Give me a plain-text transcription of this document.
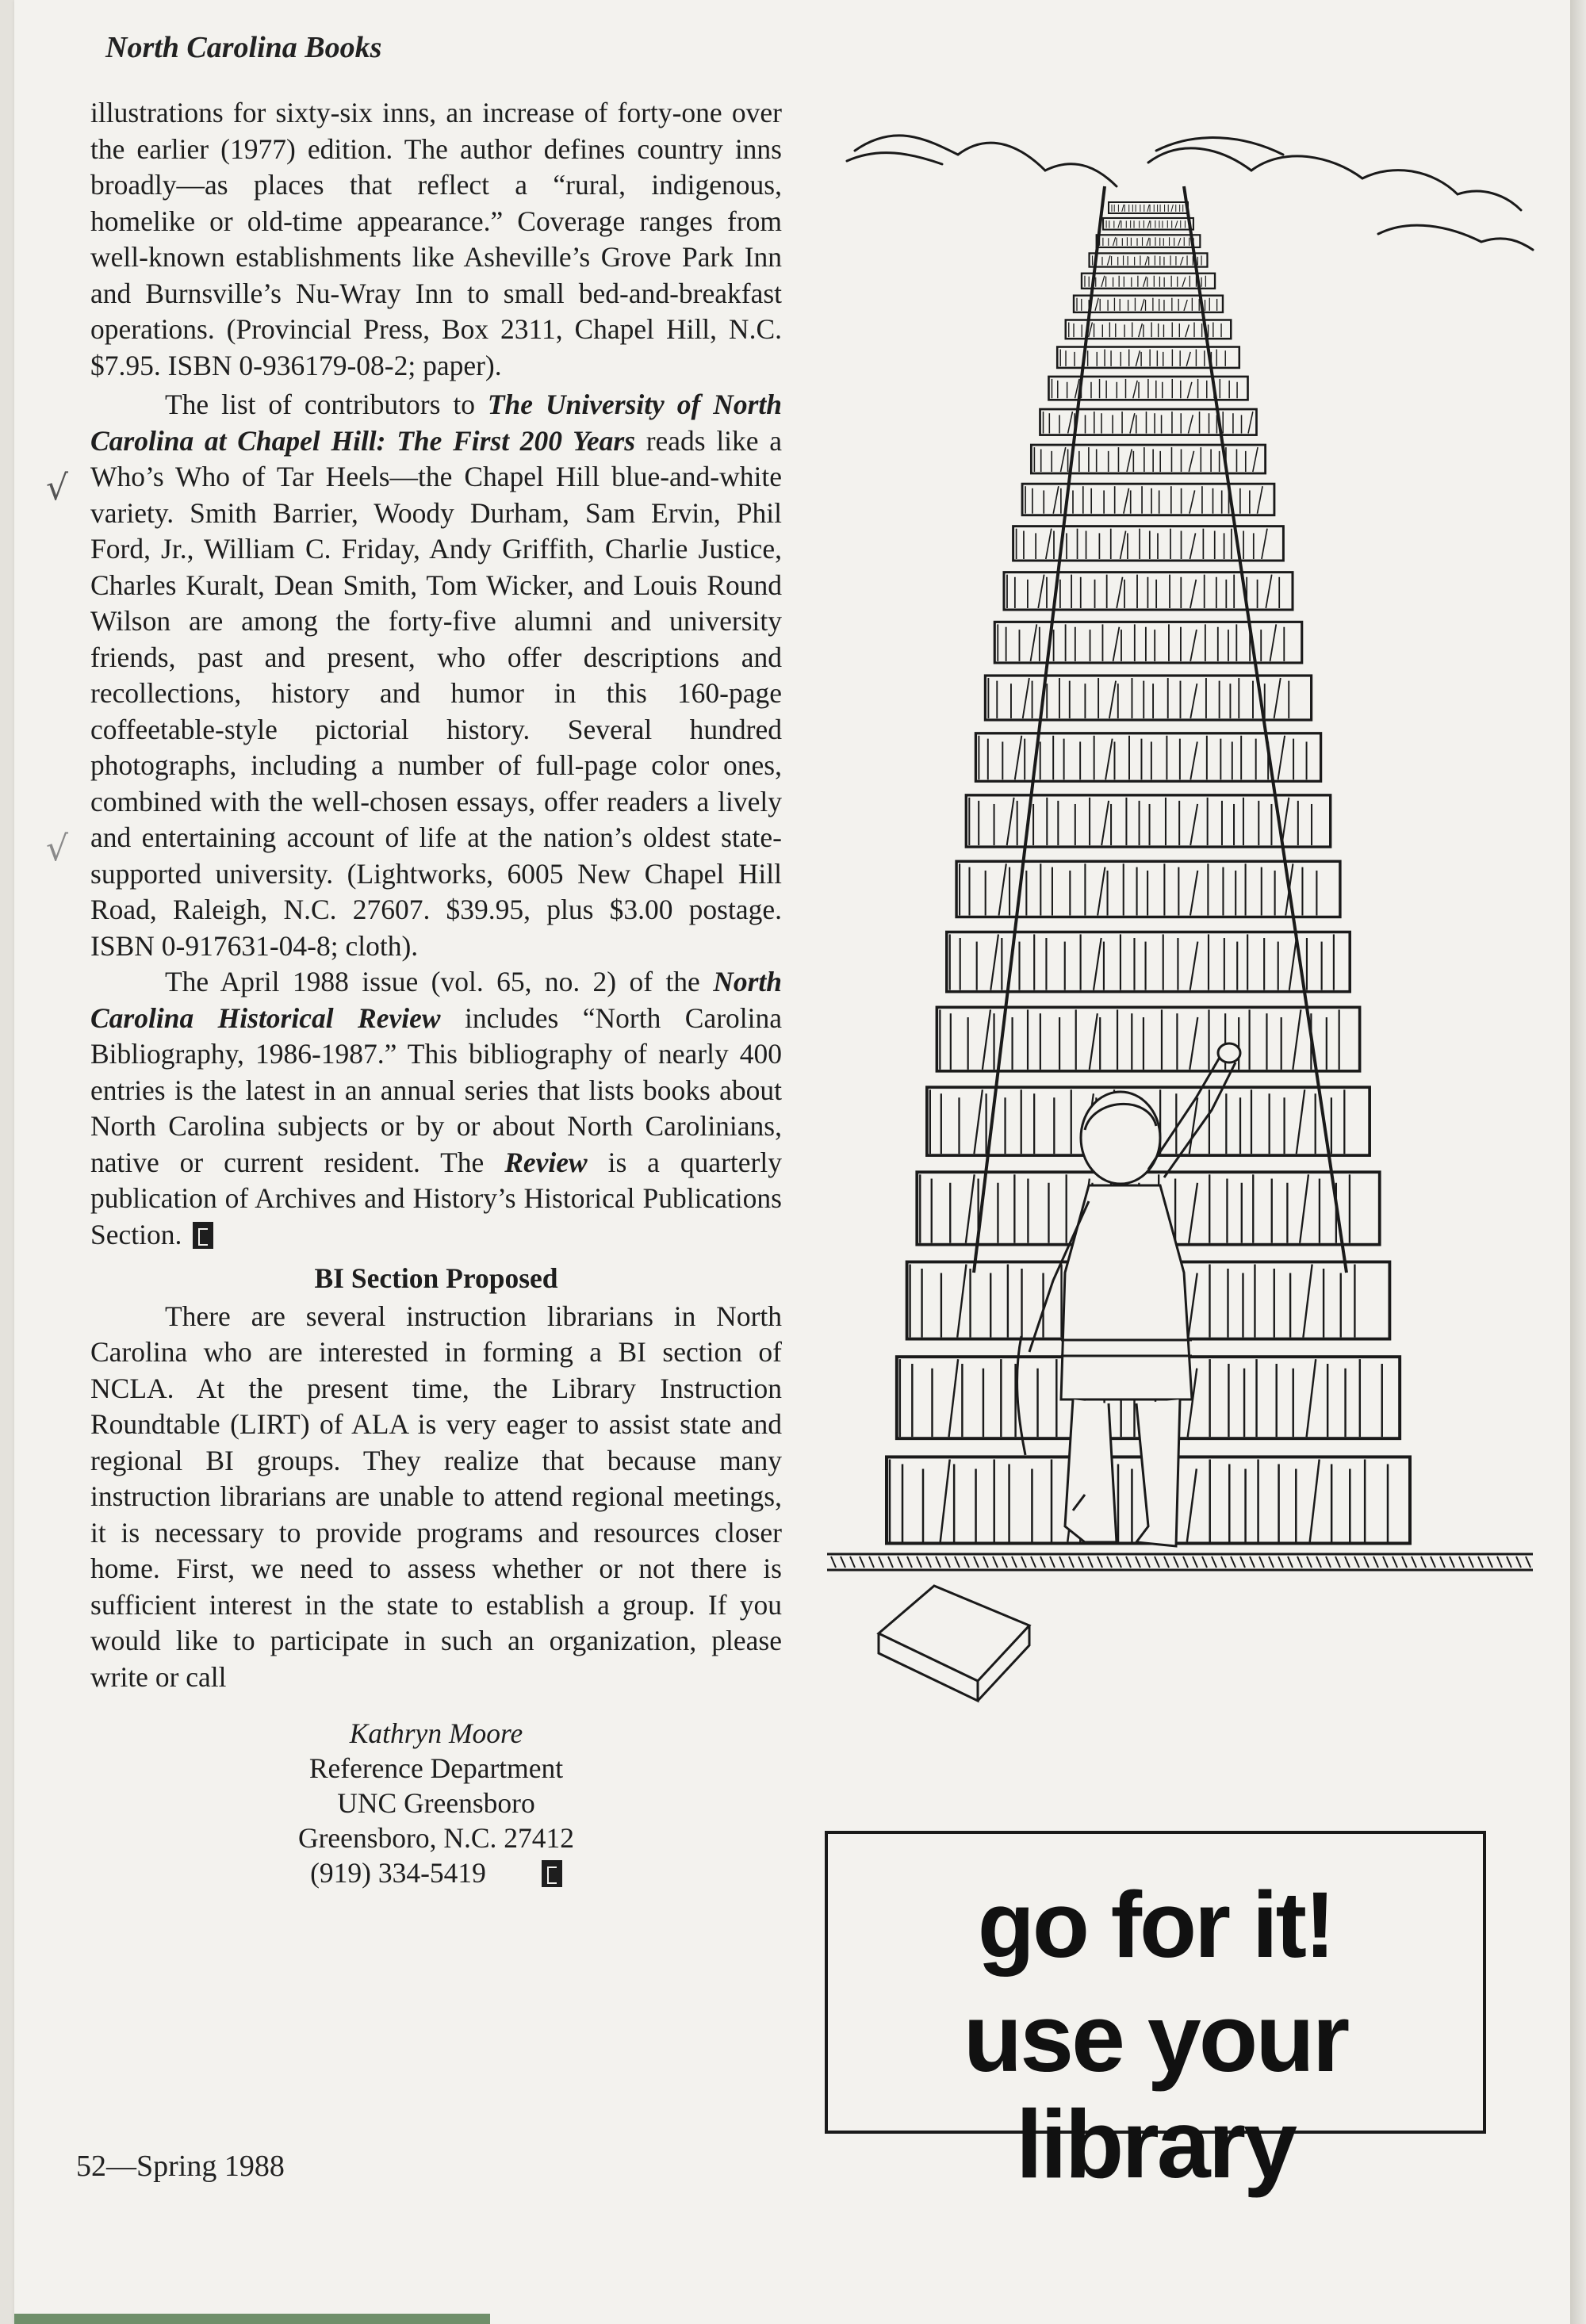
North Carolina Books
√
√

illustrations for sixty-six inns, an increase of forty-one over the earlier (1977) edition. The author defines country inns broadly—as places that reflect a “rural, indigenous, homelike or old-time appearance.” Coverage ranges from well-known establishments like Asheville’s Grove Park Inn and Burnsville’s Nu-Wray Inn to small bed-and-breakfast operations. (Provincial Press, Box 2311, Chapel Hill, N.C. $7.95. ISBN 0-936179-08-2; paper).

The list of contributors to The University of North Carolina at Chapel Hill: The First 200 Years reads like a Who’s Who of Tar Heels—the Chapel Hill blue-and-white variety. Smith Barrier, Woody Durham, Sam Ervin, Phil Ford, Jr., William C. Friday, Andy Griffith, Charlie Justice, Charles Kuralt, Dean Smith, Tom Wicker, and Louis Round Wilson are among the forty-five alumni and university friends, past and present, who offer descriptions and recollections, history and humor in this 160-page coffeetable-style pictorial history. Several hundred photographs, including a number of full-page color ones, combined with the well-chosen essays, offer readers a lively and entertaining account of life at the nation’s oldest state-supported university. (Lightworks, 6005 New Chapel Hill Road, Raleigh, N.C. 27607. $39.95, plus $3.00 postage. ISBN 0-917631-04-8; cloth).

The April 1988 issue (vol. 65, no. 2) of the North Carolina Historical Review includes “North Carolina Bibliography, 1986-1987.” This bibliography of nearly 400 entries is the latest in an annual series that lists books about North Carolina subjects or by or about North Carolinians, native or current resident. The Review is a quarterly publication of Archives and History’s Historical Publications Section.

BI Section Proposed

There are several instruction librarians in North Carolina who are interested in forming a BI section of NCLA. At the present time, the Library Instruction Roundtable (LIRT) of ALA is very eager to assist state and regional BI groups. They realize that because many instruction librarians are unable to attend regional meetings, it is necessary to provide programs and resources closer home. First, we need to assess whether or not there is sufficient interest in the state to establish a group. If you would like to participate in such an organization, please write or call

Kathryn Moore
Reference Department
UNC Greensboro
Greensboro, N.C. 27412
(919) 334-5419
52—Spring 1988
go for it!
use your library
